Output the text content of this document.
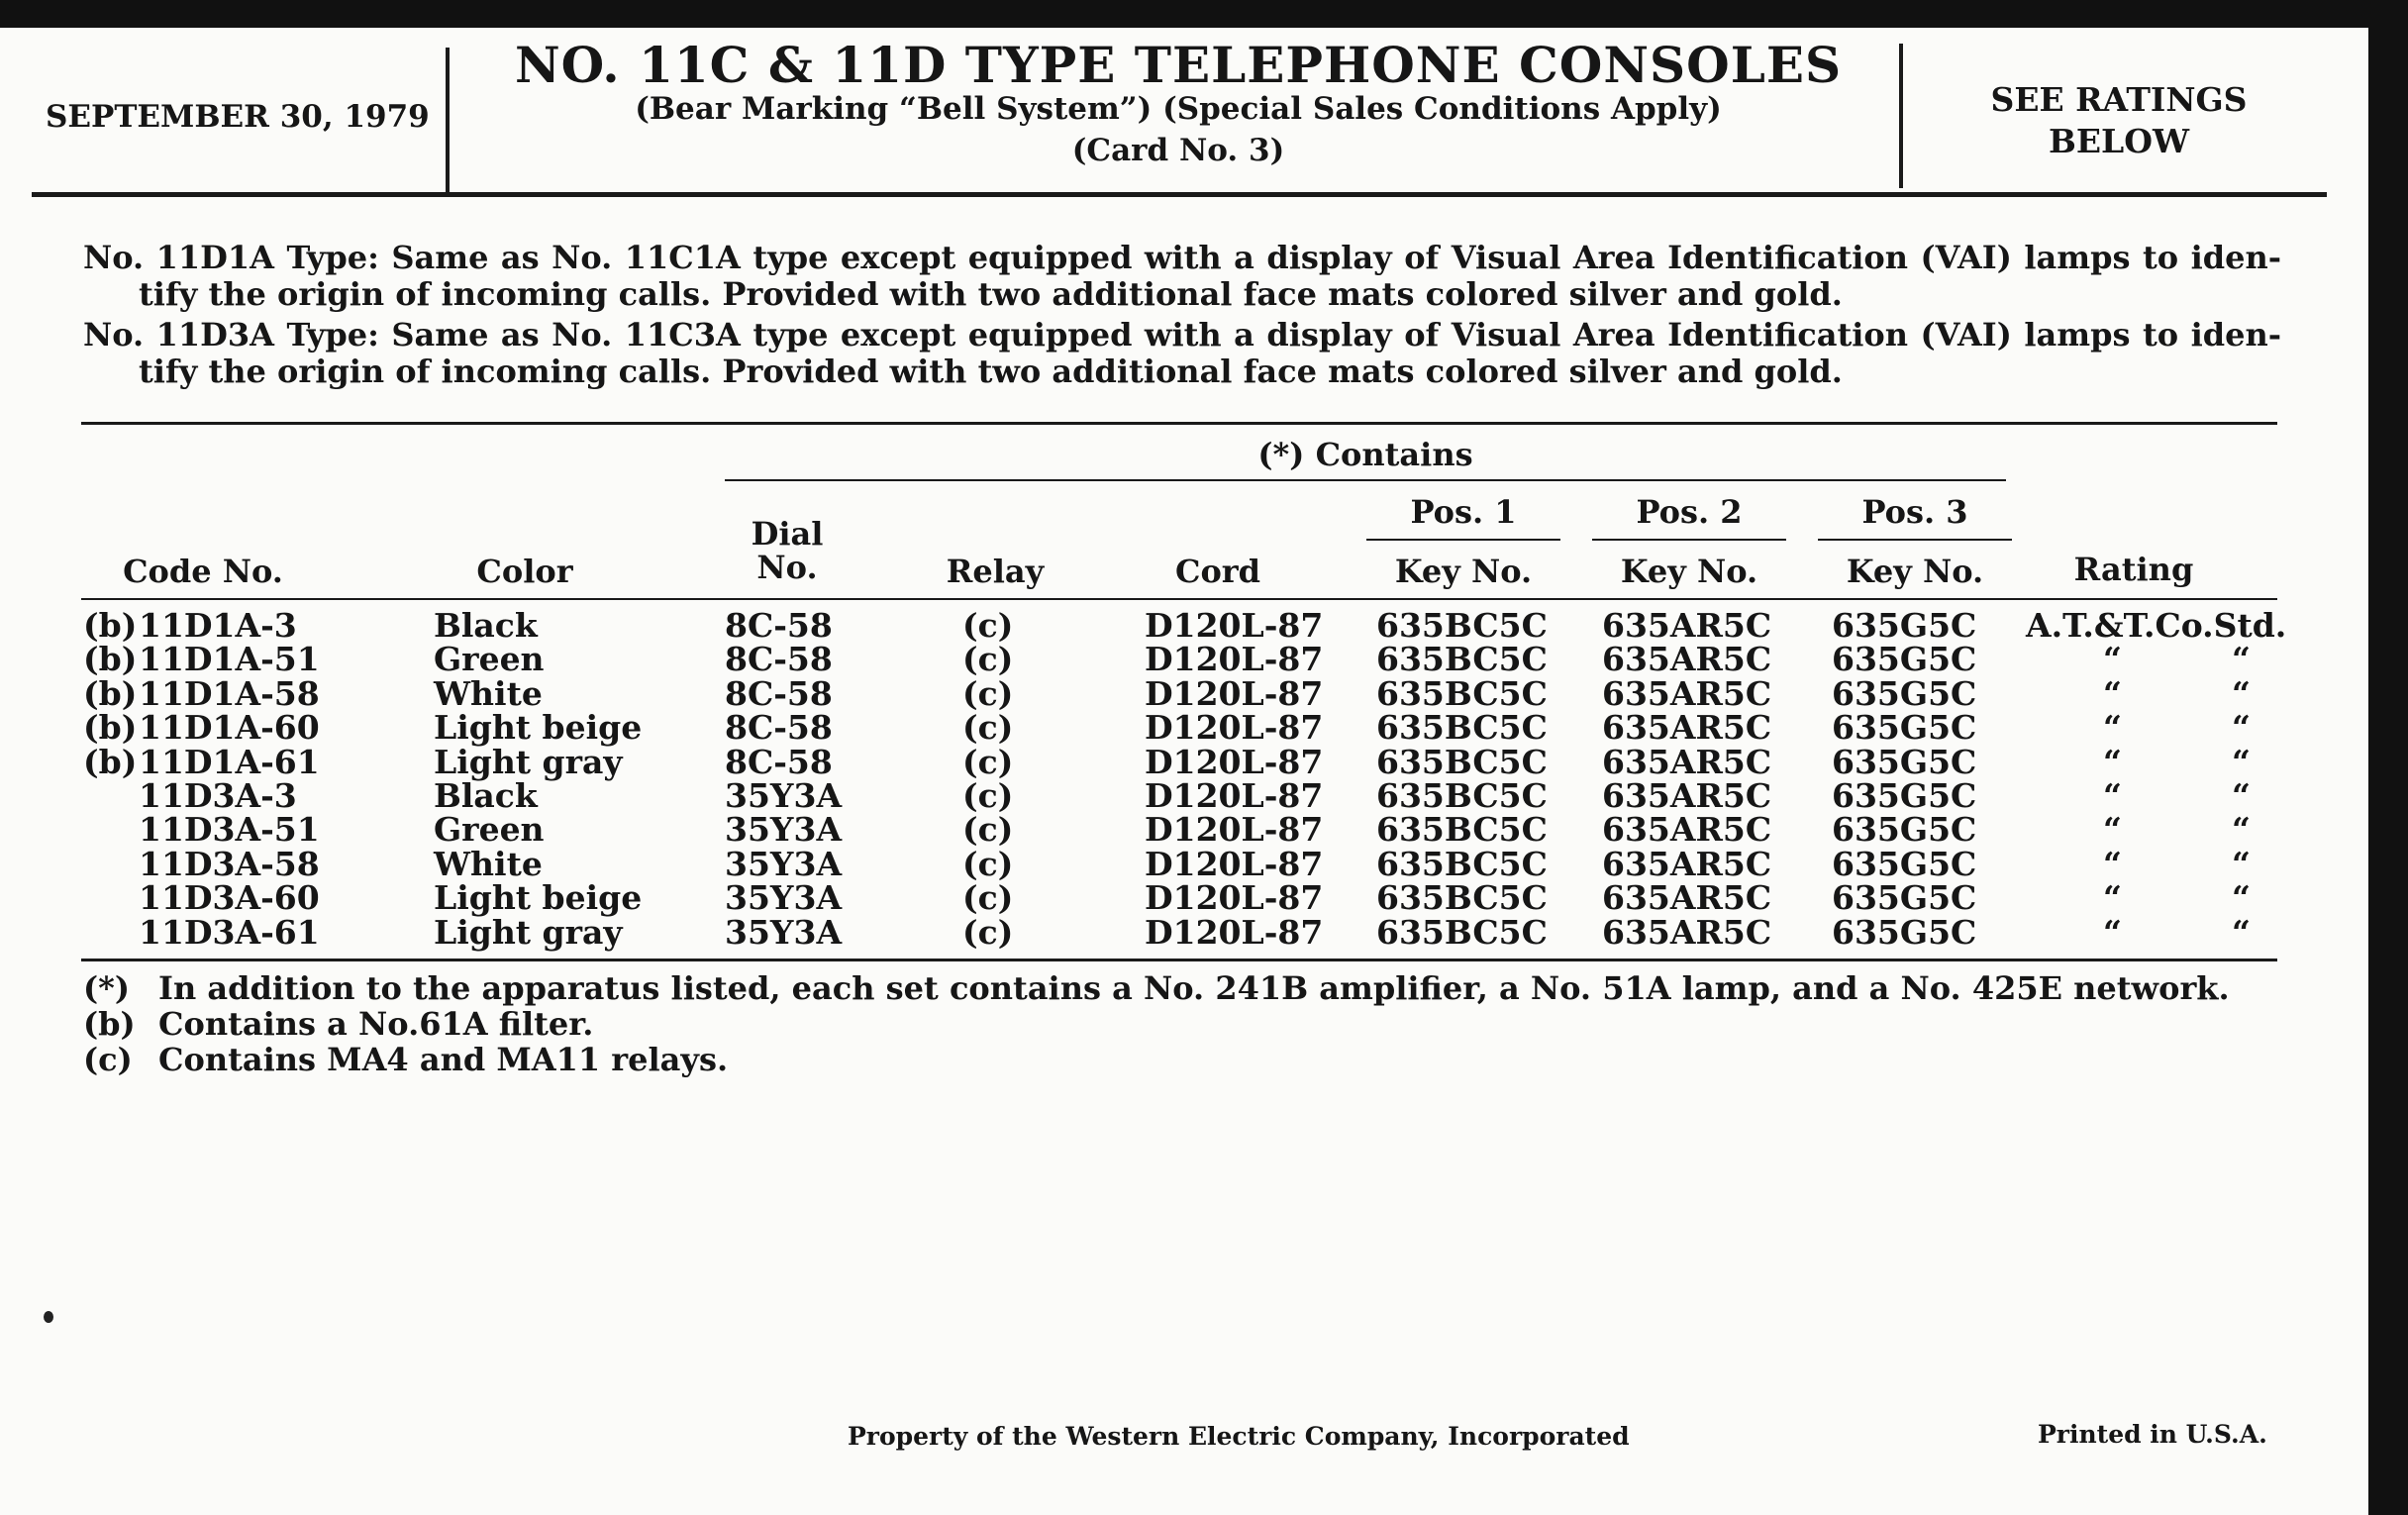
SEPTEMBER 30, 1979
NO. 11C & 11D TYPE TELEPHONE CONSOLES
(Bear Marking “Bell System”) (Special Sales Conditions Apply)
(Card No. 3)
SEE RATINGS
BELOW
No. 11D1A Type: Same as No. 11C1A type except equipped with a display of Visual Area Identification (VAI) lamps to iden-
tify the origin of incoming calls. Provided with two additional face mats colored silver and gold.
No. 11D3A Type: Same as No. 11C3A type except equipped with a display of Visual Area Identification (VAI) lamps to iden-
tify the origin of incoming calls. Provided with two additional face mats colored silver and gold.
(*) Contains
Pos. 1	Pos. 2	Pos. 3
Code No.	Color
Dial
No.	Relay	Cord	Key No.	Key No.	Key No.	Rating
(b) 11D1A-3	Black	8C-58	(c)	D120L-87 635BC5C 635AR5C 635G5C A.T.&T.Co.Std.
(b) 11D1A-51	Green	8C-58	(c)	D120L-87 635BC5C 635AR5C 635G5C	“	“
(b) 11D1A-58	White	8C-58	(c)	D120L-87 635BC5C 635AR5C 635G5C	“	“
(b) 11D1A-60	Light beige	8C-58	(c)	D120L-87 635BC5C 635AR5C 635G5C	“	“
(b) 11D1A-61	Light gray	8C-58	(c)	D120L-87 635BC5C 635AR5C 635G5C	“	“
11D3A-3	Black	35Y3A	(c)	D120L-87 635BC5C 635AR5C 635G5C	“	“
11D3A-51	Green	35Y3A	(c)	D120L-87 635BC5C 635AR5C 635G5C	“	“
11D3A-58	White	35Y3A	(c)	D120L-87 635BC5C 635AR5C 635G5C	“	“
11D3A-60	Light beige	35Y3A	(c)	D120L-87 635BC5C 635AR5C 635G5C	“	“
11D3A-61	Light gray	35Y3A	(c)	D120L-87 635BC5C 635AR5C 635G5C	“	“
(*) In addition to the apparatus listed, each set contains a No. 241B amplifier, a No. 51A lamp, and a No. 425E network.
(b) Contains a No.61A filter.
(c) Contains MA4 and MA11 relays.
Property of the Western Electric Company, Incorporated	Printed in U.S.A.
